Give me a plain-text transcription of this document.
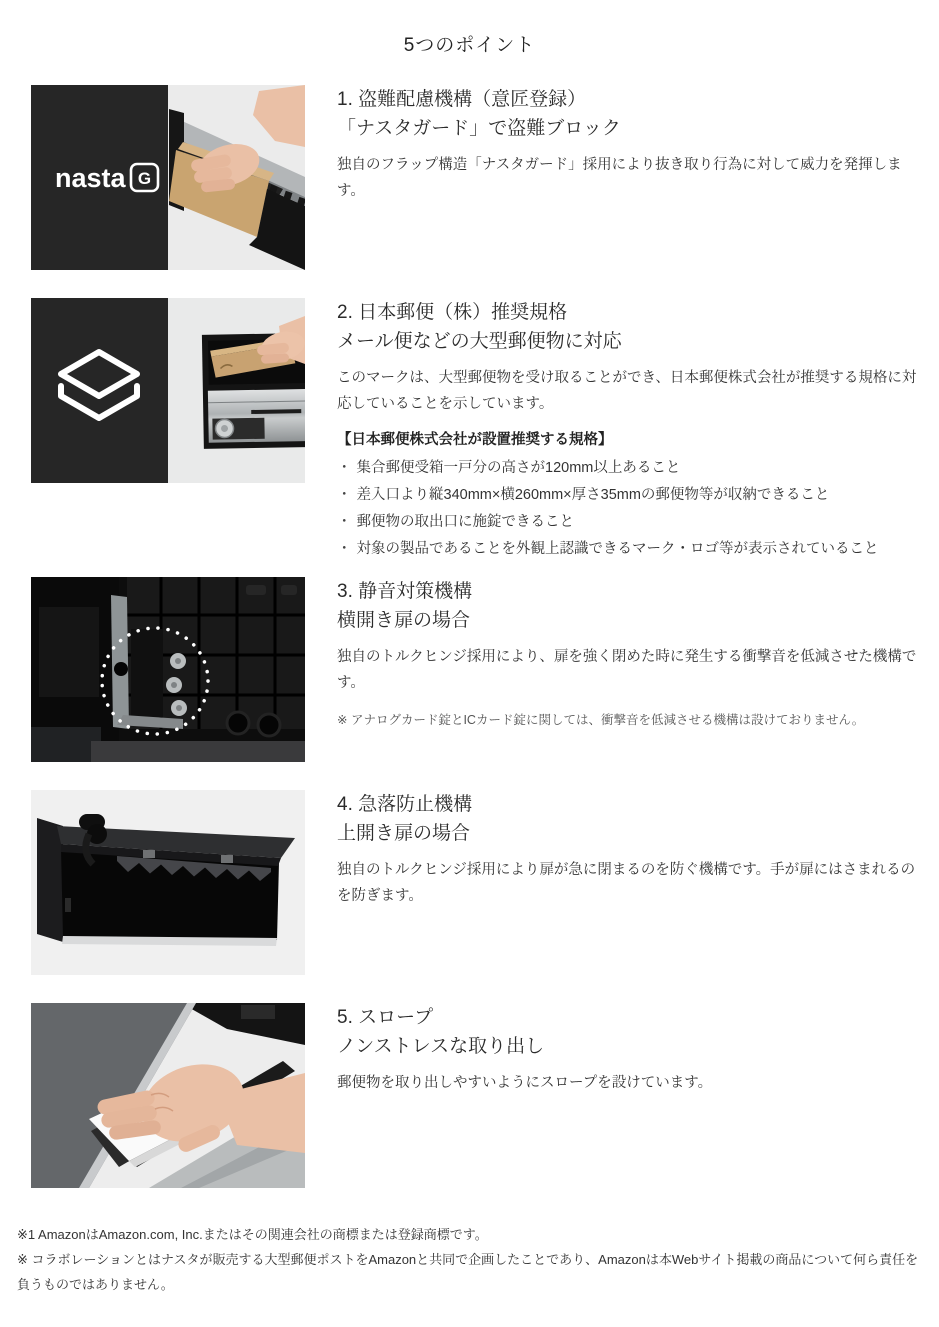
5つのポイント
nasta G
1. 盗難配慮機構（意匠登録）
「ナスタガード」で盗難ブロック

独自のフラップ構造「ナスタガード」採用により抜き取り行為に対して威力を発揮します。

2. 日本郵便（株）推奨規格
メール便などの大型郵便物に対応

このマークは、大型郵便物を受け取ることができ、日本郵便株式会社が推奨する規格に対応していることを示しています。

【日本郵便株式会社が設置推奨する規格】
・ 集合郵便受箱一戸分の高さが120mm以上あること
・ 差入口より縦340mm×横260mm×厚さ35mmの郵便物等が収納できること
・ 郵便物の取出口に施錠できること
・ 対象の製品であることを外観上認識できるマーク・ロゴ等が表示されていること
3. 静音対策機構
横開き扉の場合

独自のトルクヒンジ採用により、扉を強く閉めた時に発生する衝撃音を低減させた機構です。

※ アナログカード錠とICカード錠に関しては、衝撃音を低減させる機構は設けておりません。

4. 急落防止機構
上開き扉の場合

独自のトルクヒンジ採用により扉が急に閉まるのを防ぐ機構です。手が扉にはさまれるのを防ぎます。

5. スロープ
ノンストレスな取り出し

郵便物を取り出しやすいようにスロープを設けています。

※1 AmazonはAmazon.com, Inc.またはその関連会社の商標または登録商標です。

※ コラボレーションとはナスタが販売する大型郵便ポストをAmazonと共同で企画したことであり、Amazonは本Webサイト掲載の商品について何ら責任を負うものではありません。
